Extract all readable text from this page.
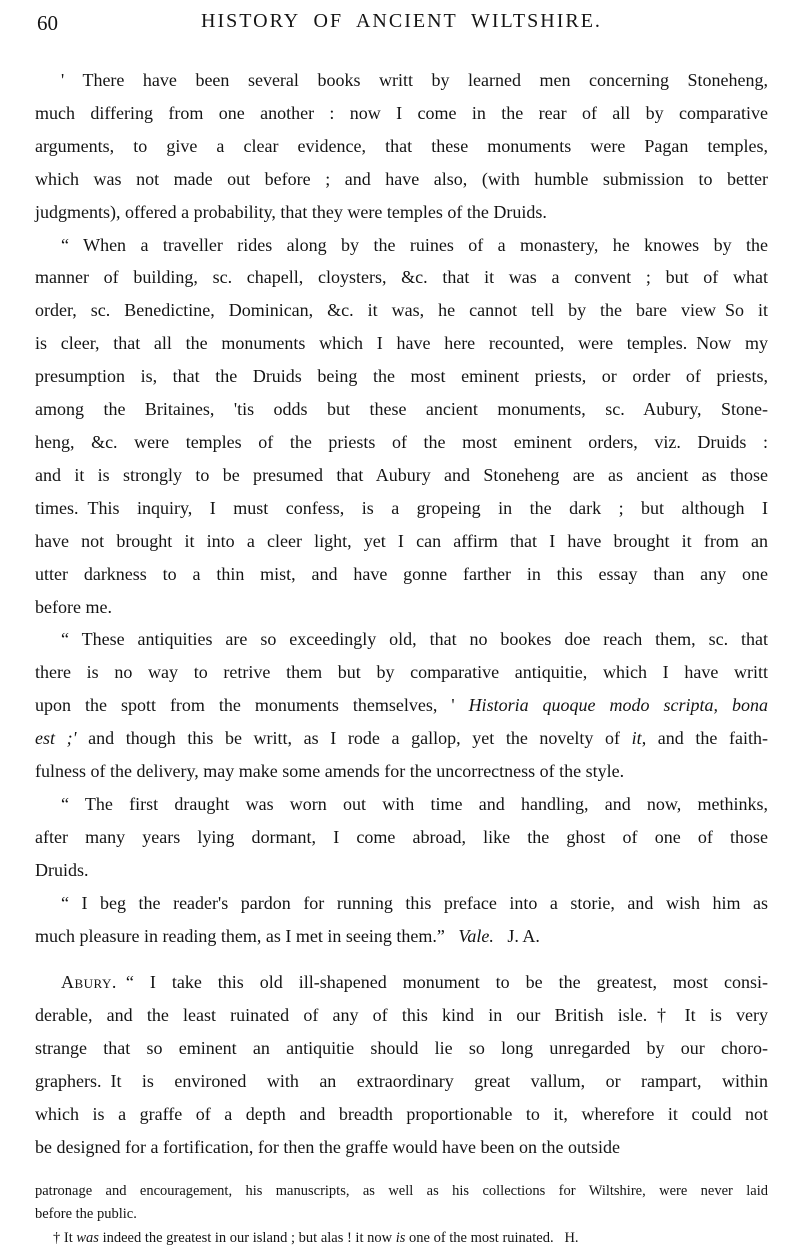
60	HISTORY OF ANCIENT WILTSHIRE.
' There have been several books writt by learned men concerning Stoneheng,
much differing from one another : now I come in the rear of all by comparative
arguments, to give a clear evidence, that these monuments were Pagan temples,
which was not made out before ; and have also, (with humble submission to better
judgments), offered a probability, that they were temples of the Druids.
“ When a traveller rides along by the ruines of a monastery, he knowes by the
manner of building, sc. chapell, cloysters, &c. that it was a convent ; but of what
order, sc. Benedictine, Dominican, &c. it was, he cannot tell by the bare view So it
is cleer, that all the monuments which I have here recounted, were temples. Now my
presumption is, that the Druids being the most eminent priests, or order of priests,
among the Britaines, 'tis odds but these ancient monuments, sc. Aubury, Stone-
heng, &c. were temples of the priests of the most eminent orders, viz. Druids :
and it is strongly to be presumed that Aubury and Stoneheng are as ancient as those
times. This inquiry, I must confess, is a gropeing in the dark ; but although I
have not brought it into a cleer light, yet I can affirm that I have brought it from an
utter darkness to a thin mist, and have gonne farther in this essay than any one
before me.
“ These antiquities are so exceedingly old, that no bookes doe reach them, sc. that
there is no way to retrive them but by comparative antiquitie, which I have writt
upon the spott from the monuments themselves, ' Historia quoque modo scripta, bona
est ;' and though this be writt, as I rode a gallop, yet the novelty of it, and the faith-
fulness of the delivery, may make some amends for the uncorrectness of the style.
“ The first draught was worn out with time and handling, and now, methinks,
after many years lying dormant, I come abroad, like the ghost of one of those
Druids.
“ I beg the reader's pardon for running this preface into a storie, and wish him as
much pleasure in reading them, as I met in seeing them.”  Vale.  J. A.
Abury. “ I take this old ill-shapened monument to be the greatest, most consi-
derable, and the least ruinated of any of this kind in our British isle.† It is very
strange that so eminent an antiquitie should lie so long unregarded by our choro-
graphers. It is environed with an extraordinary great vallum, or rampart, within
which is a graffe of a depth and breadth proportionable to it, wherefore it could not
be designed for a fortification, for then the graffe would have been on the outside
patronage and encouragement, his manuscripts, as well as his collections for Wiltshire, were never laid
before the public.
† It was indeed the greatest in our island ; but alas ! it now is one of the most ruinated.  H.
